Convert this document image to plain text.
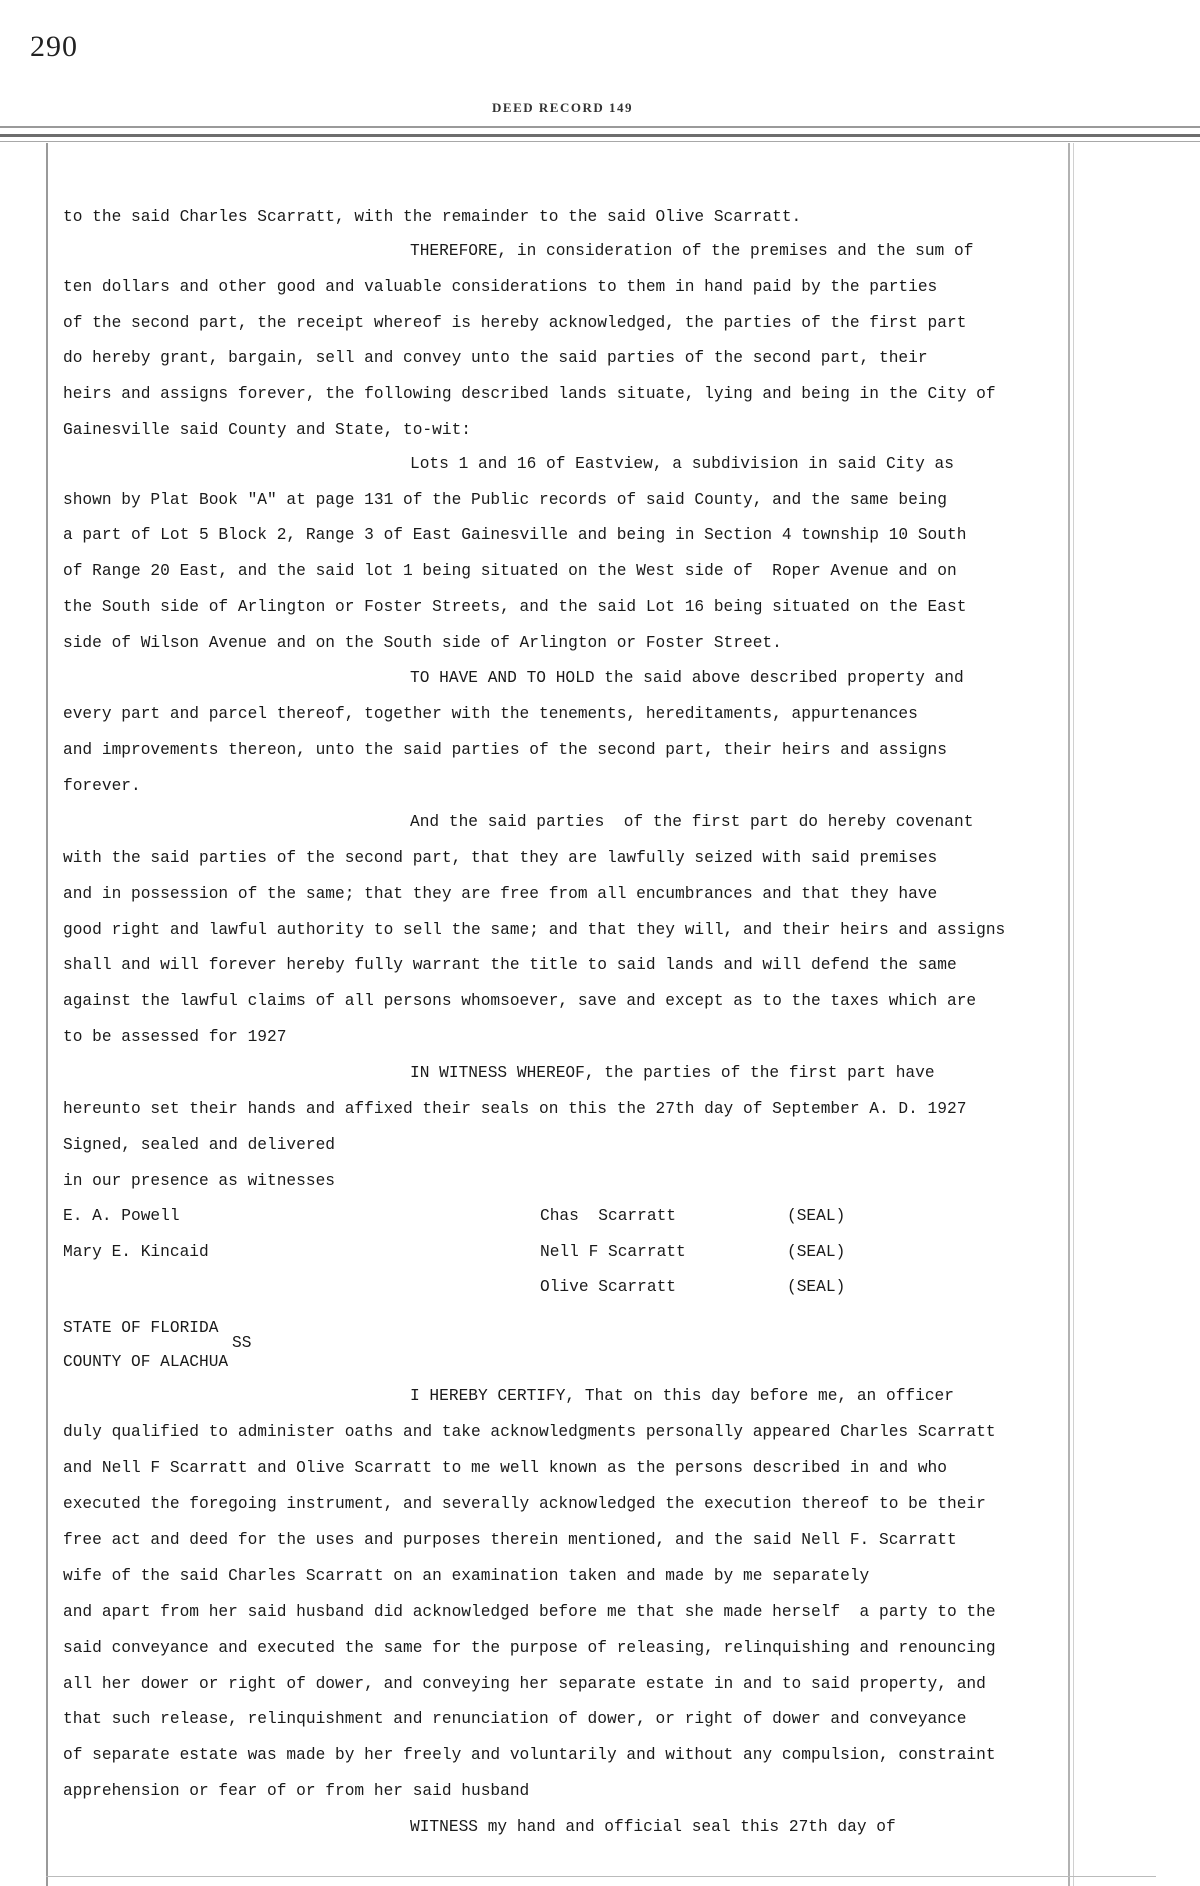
290
DEED RECORD 149
to the said Charles Scarratt, with the remainder to the said Olive Scarratt.
THEREFORE, in consideration of the premises and the sum of
ten dollars and other good and valuable considerations to them in hand paid by the parties
of the second part, the receipt whereof is hereby acknowledged, the parties of the first part
do hereby grant, bargain, sell and convey unto the said parties of the second part, their
heirs and assigns forever, the following described lands situate, lying and being in the City of
Gainesville said County and State, to-wit:
Lots 1 and 16 of Eastview, a subdivision in said City as
shown by Plat Book "A" at page 131 of the Public records of said County, and the same being
a part of Lot 5 Block 2, Range 3 of East Gainesville and being in Section 4 township 10 South
of Range 20 East, and the said lot 1 being situated on the West side of  Roper Avenue and on
the South side of Arlington or Foster Streets, and the said Lot 16 being situated on the East
side of Wilson Avenue and on the South side of Arlington or Foster Street.
TO HAVE AND TO HOLD the said above described property and
every part and parcel thereof, together with the tenements, hereditaments, appurtenances
and improvements thereon, unto the said parties of the second part, their heirs and assigns
forever.
And the said parties  of the first part do hereby covenant
with the said parties of the second part, that they are lawfully seized with said premises
and in possession of the same; that they are free from all encumbrances and that they have
good right and lawful authority to sell the same; and that they will, and their heirs and assigns
shall and will forever hereby fully warrant the title to said lands and will defend the same
against the lawful claims of all persons whomsoever, save and except as to the taxes which are
to be assessed for 1927
IN WITNESS WHEREOF, the parties of the first part have
hereunto set their hands and affixed their seals on this the 27th day of September A. D. 1927
Signed, sealed and delivered
in our presence as witnesses
E. A. Powell
Mary E. Kincaid
Chas  Scarratt
Nell F Scarratt
Olive Scarratt
(SEAL)
(SEAL)
(SEAL)
STATE OF FLORIDA
SS
COUNTY OF ALACHUA
I HEREBY CERTIFY, That on this day before me, an officer
duly qualified to administer oaths and take acknowledgments personally appeared Charles Scarratt
and Nell F Scarratt and Olive Scarratt to me well known as the persons described in and who
executed the foregoing instrument, and severally acknowledged the execution thereof to be their
free act and deed for the uses and purposes therein mentioned, and the said Nell F. Scarratt
wife of the said Charles Scarratt on an examination taken and made by me separately
and apart from her said husband did acknowledged before me that she made herself  a party to the
said conveyance and executed the same for the purpose of releasing, relinquishing and renouncing
all her dower or right of dower, and conveying her separate estate in and to said property, and
that such release, relinquishment and renunciation of dower, or right of dower and conveyance
of separate estate was made by her freely and voluntarily and without any compulsion, constraint
apprehension or fear of or from her said husband
WITNESS my hand and official seal this 27th day of
